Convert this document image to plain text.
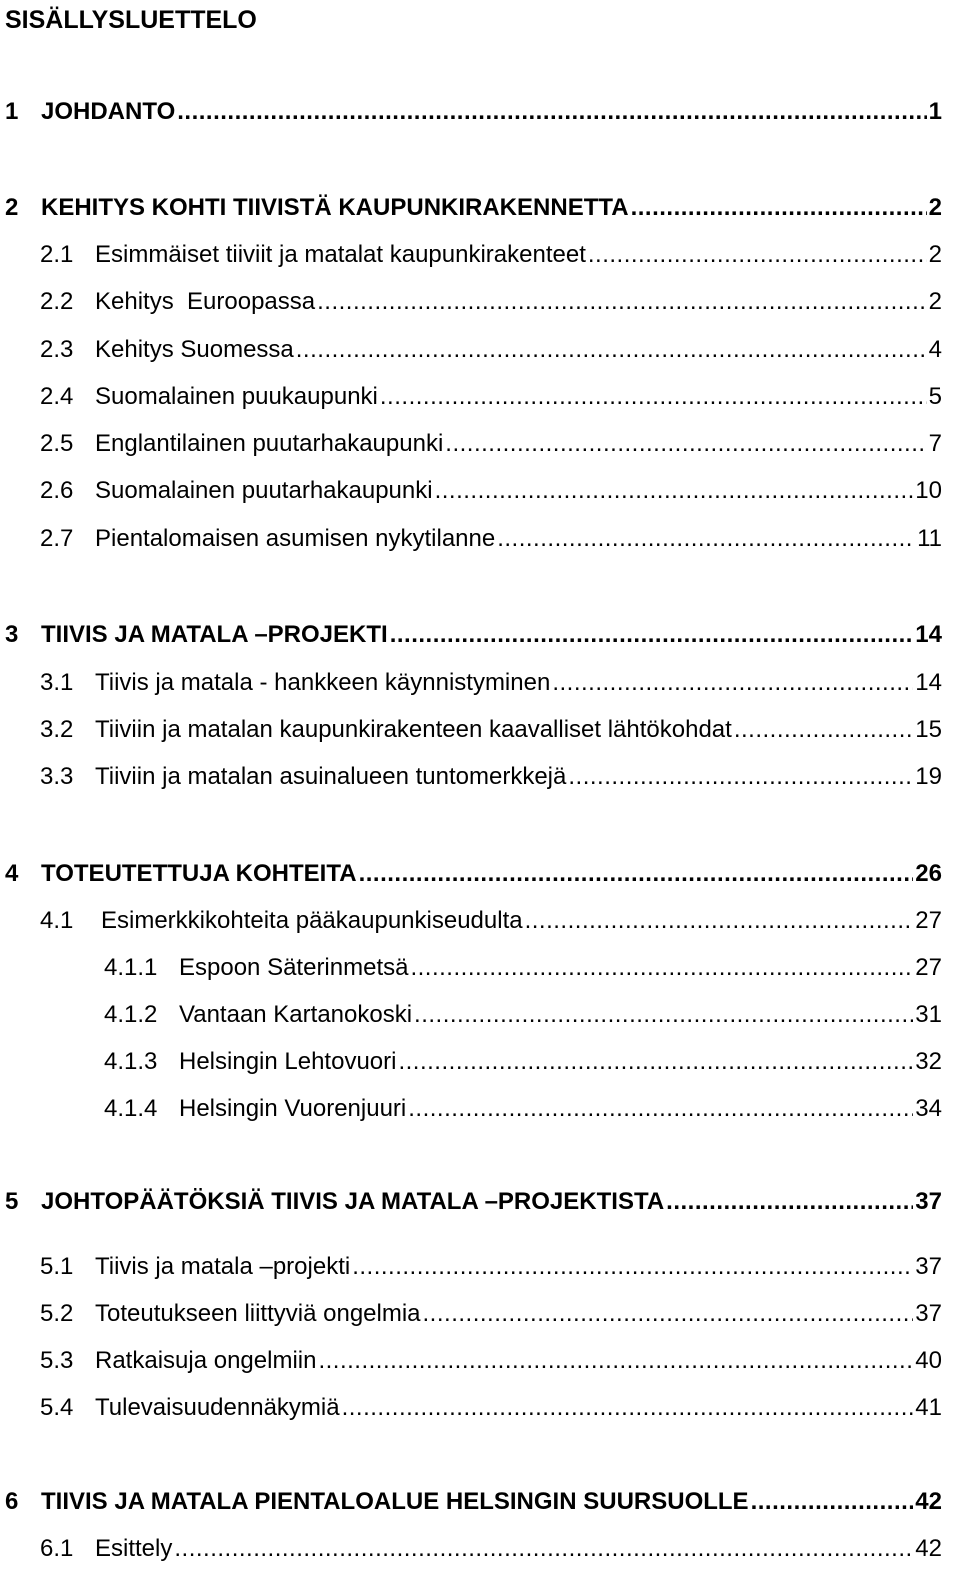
SISÄLLYSLUETTELO
1 JOHDANTO .....	1
2 KEHITYS KOHTI TIIVISTÄ KAUPUNKIRAKENNETTA .....	2
2.1 Esimmäiset tiiviit ja matalat kaupunkirakenteet .....	2
2.2 Kehitys  Euroopassa .....	2
2.3 Kehitys Suomessa .....	4
2.4 Suomalainen puukaupunki .....	5
2.5 Englantilainen puutarhakaupunki .....	7
2.6 Suomalainen puutarhakaupunki .....	10
2.7 Pientalomaisen asumisen nykytilanne .....	11
3 TIIVIS JA MATALA –PROJEKTI .....	14
3.1 Tiivis ja matala - hankkeen käynnistyminen .....	14
3.2 Tiiviin ja matalan kaupunkirakenteen kaavalliset lähtökohdat .....	15
3.3 Tiiviin ja matalan asuinalueen tuntomerkkejä .....	19
4 TOTEUTETTUJA KOHTEITA .....	26
4.1	Esimerkkikohteita pääkaupunkiseudulta .....	27
4.1.1 Espoon Säterinmetsä .....	27
4.1.2 Vantaan Kartanokoski .....	31
4.1.3 Helsingin Lehtovuori .....	32
4.1.4 Helsingin Vuorenjuuri .....	34
5 JOHTOPÄÄTÖKSIÄ TIIVIS JA MATALA –PROJEKTISTA .....	37
5.1 Tiivis ja matala –projekti .....	37
5.2 Toteutukseen liittyviä ongelmia .....	37
5.3 Ratkaisuja ongelmiin .....	40
5.4 Tulevaisuudennäkymiä .....	41
6 TIIVIS JA MATALA PIENTALOALUE HELSINGIN SUURSUOLLE .....	42
6.1 Esittely .....	42
